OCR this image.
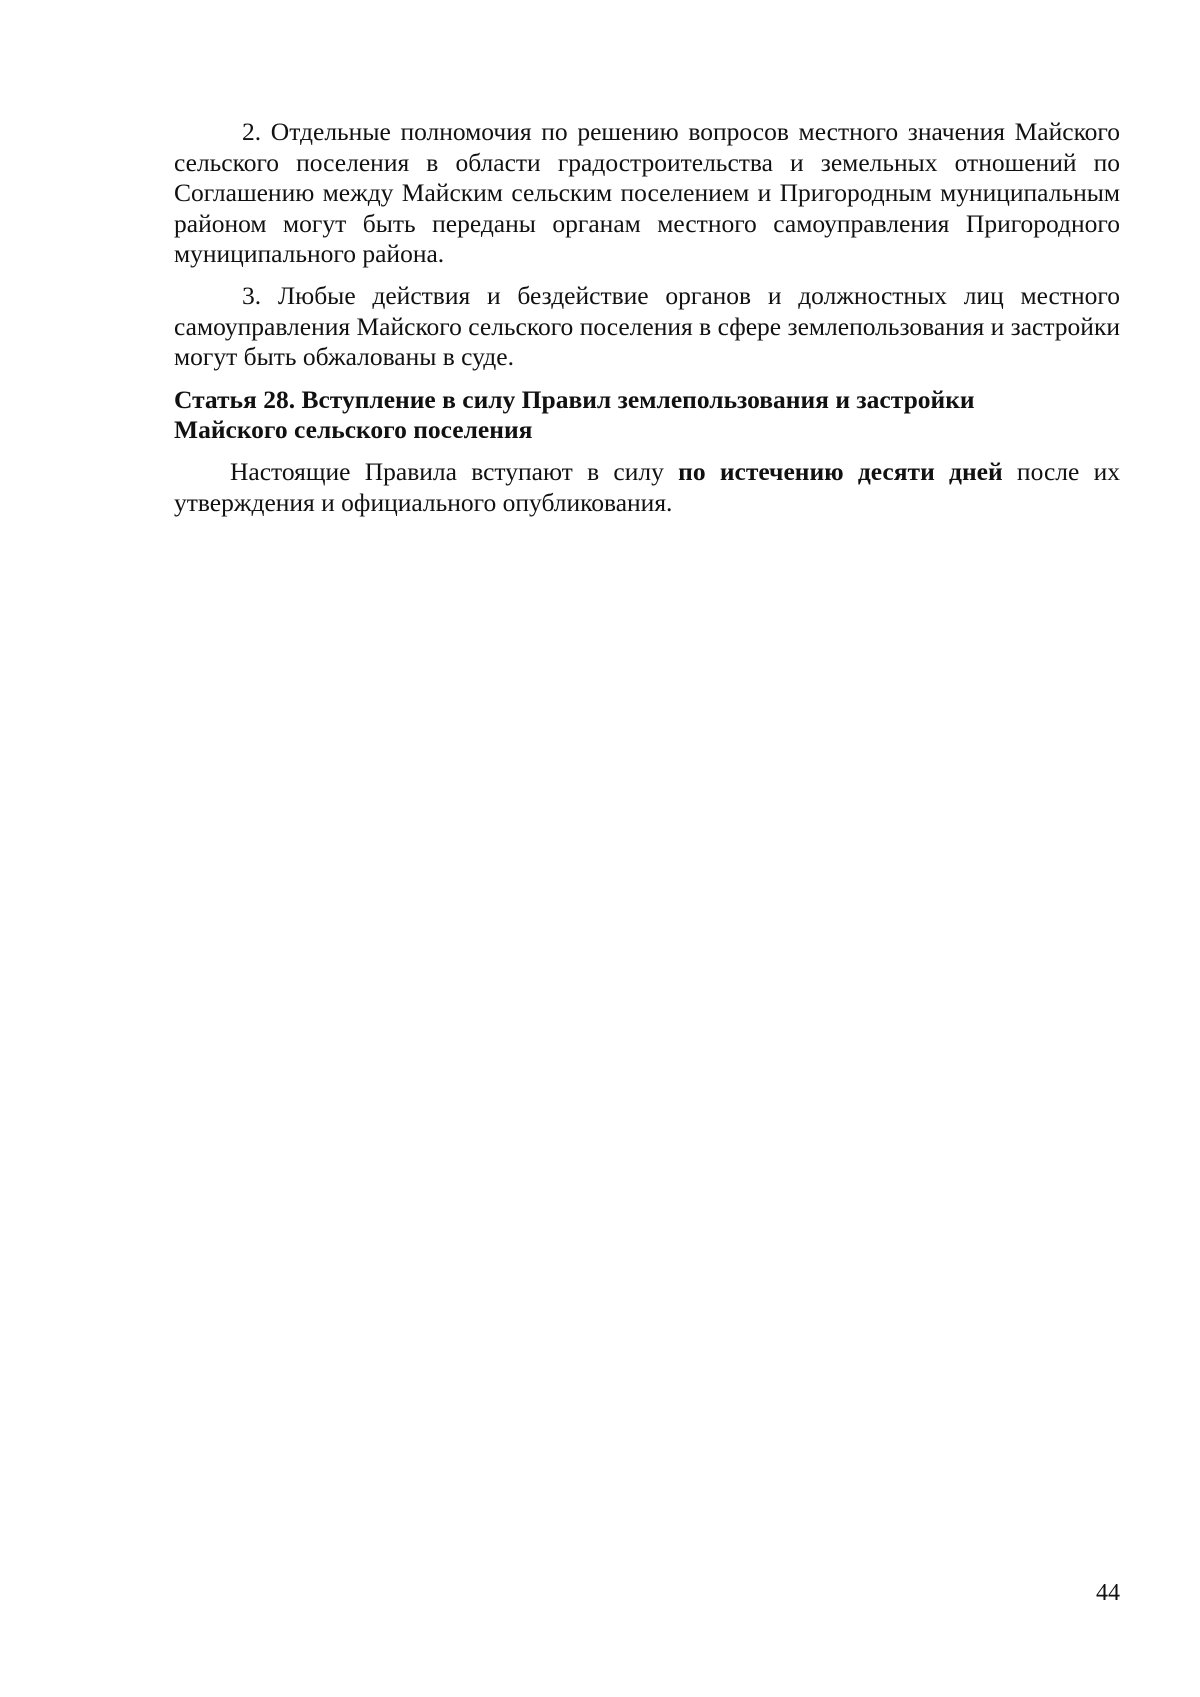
2. Отдельные полномочия по решению вопросов местного значения Майского сельского поселения в области градостроительства и земельных отношений по Соглашению между Майским сельским поселением и Пригородным муниципальным районом могут быть переданы органам местного самоуправления Пригородного муниципального района.

3. Любые действия и бездействие органов и должностных лиц местного самоуправления Майского сельского поселения в сфере землепользования и застройки могут быть обжалованы в суде.

Статья 28. Вступление в силу Правил землепользования и застройки
Майского сельского поселения

Настоящие Правила вступают в силу по истечению десяти дней после их утверждения и официального опубликования.

44
